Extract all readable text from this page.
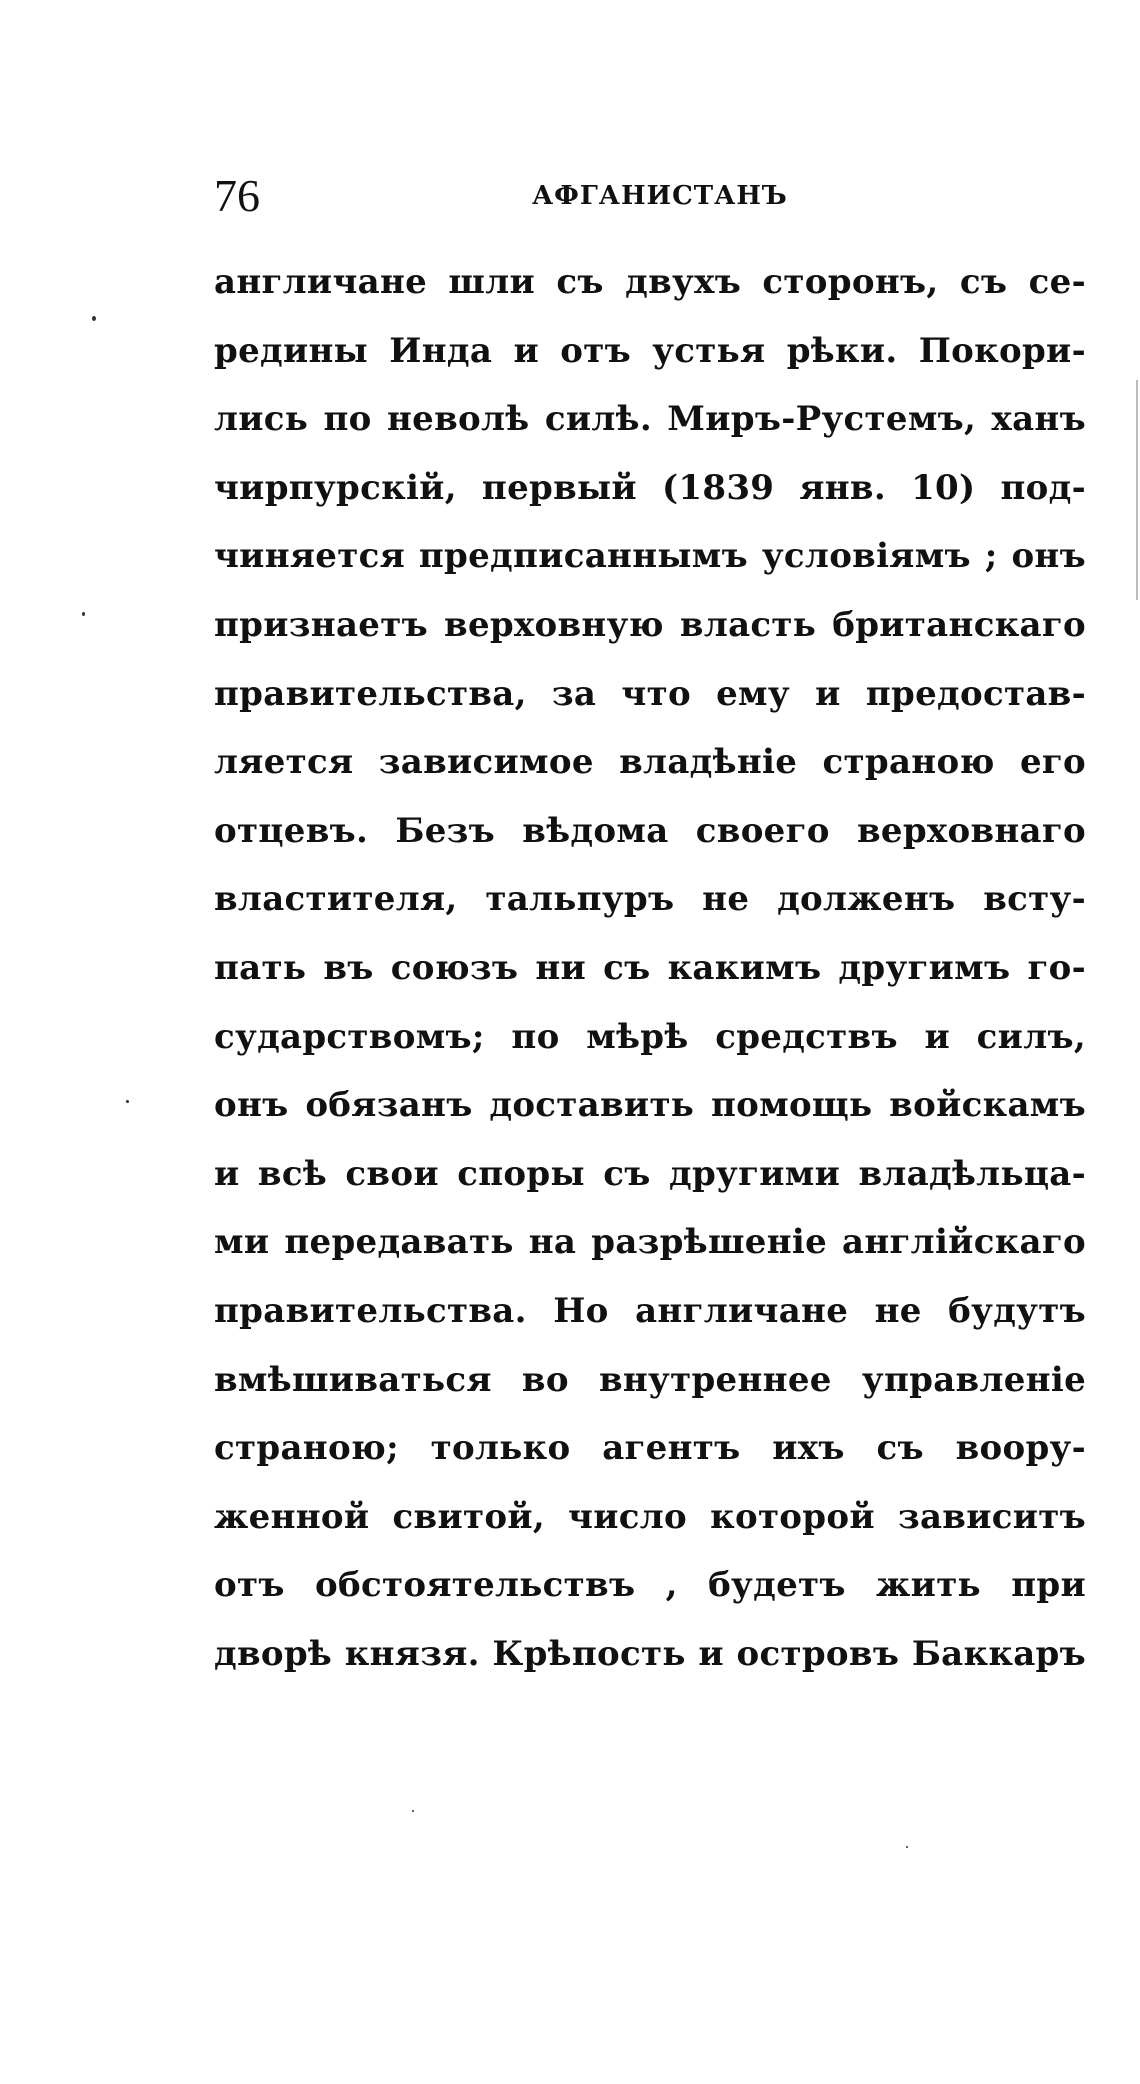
76	АФГАНИСТАНЪ
англичане шли съ двухъ сторонъ, съ се-
редины Инда и отъ устья рѣки. Покори-
лись по неволѣ силѣ. Миръ-Рустемъ, ханъ
чирпурскій, первый (1839 янв. 10) под-
чиняется предписаннымъ условіямъ ; онъ
признаетъ верховную власть британскаго
правительства, за что ему и предостав-
ляется зависимое владѣніе страною его
отцевъ. Безъ вѣдома своего верховнаго
властителя, тальпуръ не долженъ всту-
пать въ союзъ ни съ какимъ другимъ го-
сударствомъ; по мѣрѣ средствъ и силъ,
онъ обязанъ доставить помощь войскамъ
и всѣ свои споры съ другими владѣльца-
ми передавать на разрѣшеніе англійскаго
правительства. Но англичане не будутъ
вмѣшиваться во внутреннее управленіе
страною; только агентъ ихъ съ воору-
женной свитой, число которой зависитъ
отъ обстоятельствъ , будетъ жить при
дворѣ князя. Крѣпость и островъ Баккаръ
